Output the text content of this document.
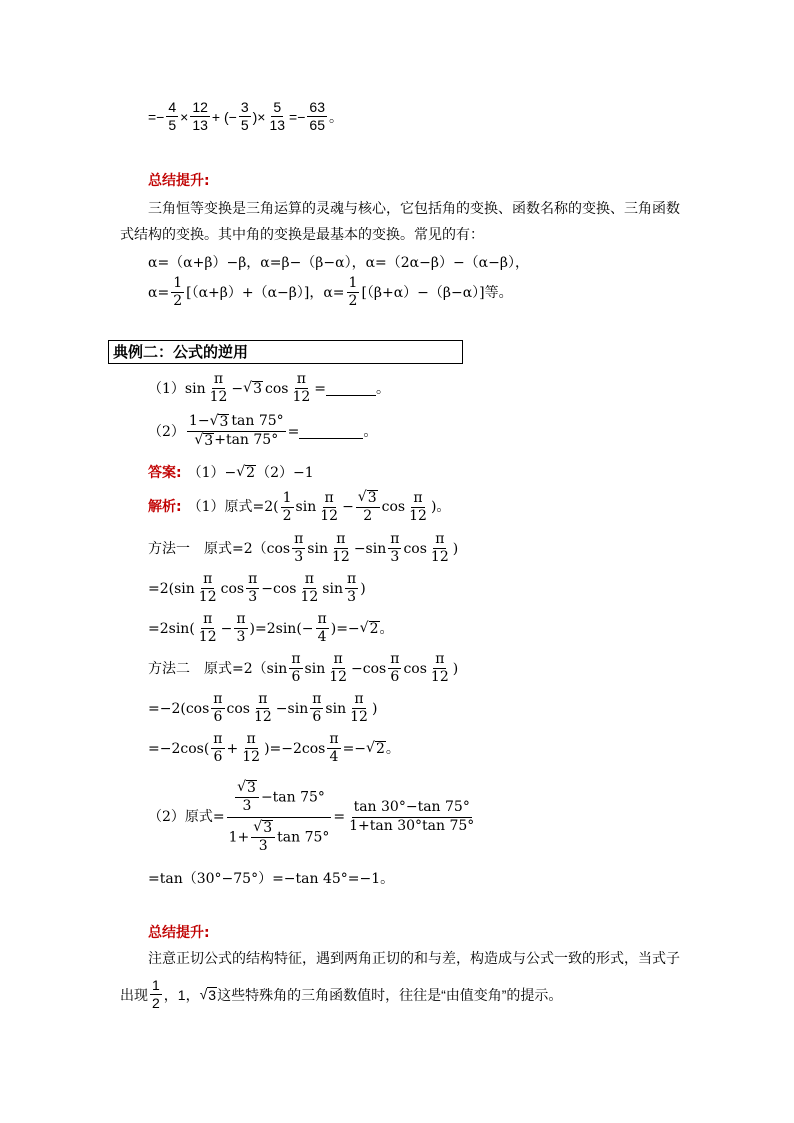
=− $\frac{4}{5} \times \frac{12}{13}$ + (− $\frac{3}{5}$ )× $\frac{5}{13} =- \frac{63}{65}$ 。
总结提升:
三角恒等变换是三角运算的灵魂与核心，它包括角的变换、函数名称的变换、三角函数
式结构的变换。其中角的变换是最基本的变换。常见的有：
α=（α+β）−β，α=β−（β−α），α=（2α−β）−（α−β），
$\alpha= \frac{1}{2} [(\alpha+\beta)+(\alpha-\beta)]$，$\alpha= \frac{1}{2} [(\beta+\alpha)-(\beta-\alpha)]$等。
典例二：公式的逆用
$(1)\sin \frac{\pi}{12}$ − √ 3 $\cos \frac{\pi}{12}$ =	。
$(2) \frac{1- √ 3 \tan 75^\circ}{√ 3 +\tan 75^\circ}$ =	。
答案: （1）− √ 2 （2）−1
解析: （1）原式$=2( \frac{1}{2}$ $\sin \frac{\pi}{12} - \frac{√ 3}{2}$ $\cos \frac{\pi}{12}$ )。
方法一　原式$=2(\cos \frac{\pi}{3}$ $\sin \frac{\pi}{12} -\sin \frac{\pi}{3}$ $\cos \frac{\pi}{12}$ )
$=2(\sin \frac{\pi}{12}$ $\cos \frac{\pi}{3} -\cos \frac{\pi}{12}$ $\sin \frac{\pi}{3}$ )
$=2\sin( \frac{\pi}{12} - \frac{\pi}{3} )=2\sin(- \frac{\pi}{4}$ )=− √ 2 。
方法二　原式$=2(\sin \frac{\pi}{6}$ $\sin \frac{\pi}{12} -\cos \frac{\pi}{6}$ $\cos \frac{\pi}{12}$ )
$=-2(\cos \frac{\pi}{6}$ $\cos \frac{\pi}{12} -\sin \frac{\pi}{6}$ $\sin \frac{\pi}{12}$ )
$=-2\cos( \frac{\pi}{6} + \frac{\pi}{12} )=-2\cos \frac{\pi}{4}$ =− √ 2 。
（2）原式= $\frac{\frac{√ 3}{3} -\tan 75^\circ}{1+ \frac{√ 3}{3} \tan 75^\circ} = \frac{\tan 30^\circ-\tan 75^\circ}{1+\tan 30^\circ\tan 75^\circ}$
=tan（30°−75°）=−tan 45°=−1。
总结提升:
注意正切公式的结构特征，遇到两角正切的和与差，构造成与公式一致的形式，当式子
出现 $\frac{1}{2}$ ，1， √ 3 这些特殊角的三角函数值时，往往是“由值变角”的提示。
